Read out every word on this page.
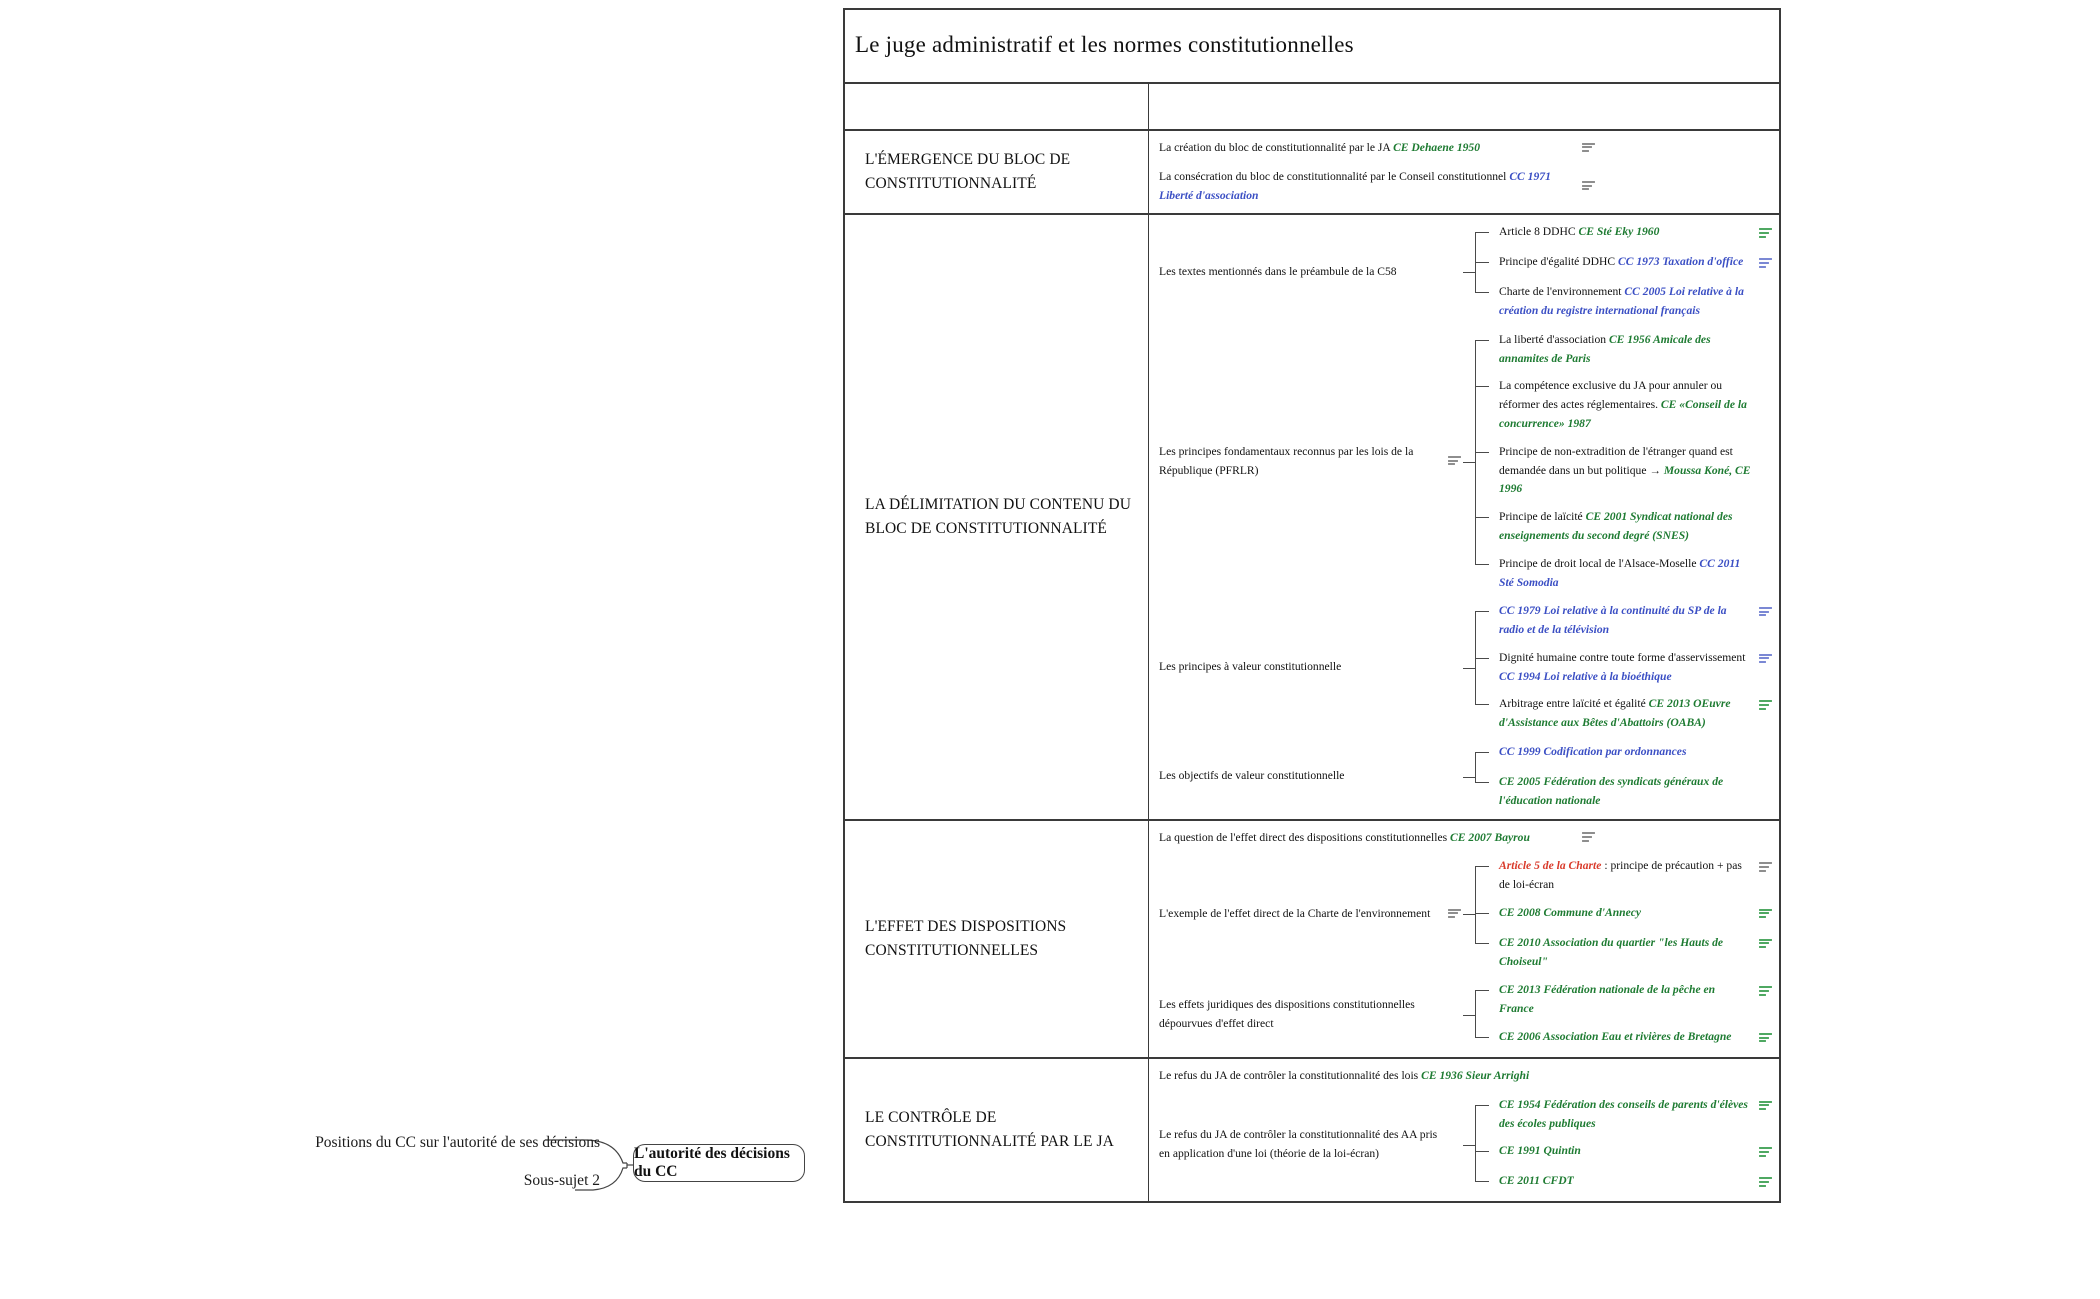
Positions du CC sur l'autorité de ses décisions
Sous-sujet 2
L'autorité des décisions du CC
Le juge administratif et les normes constitutionnelles
L'ÉMERGENCE DU BLOC DE CONSTITUTIONNALITÉ
La création du bloc de constitutionnalité par le JA CE Dehaene 1950
La consécration du bloc de constitutionnalité par le Conseil constitutionnel CC 1971 Liberté d'association
LA DÉLIMITATION DU CONTENU DU BLOC DE CONSTITUTIONNALITÉ
Les textes mentionnés dans le préambule de la C58
Article 8 DDHC CE Sté Eky 1960
Principe d'égalité DDHC CC 1973 Taxation d'office
Charte de l'environnement CC 2005 Loi relative à la création du registre international français
Les principes fondamentaux reconnus par les lois de la République (PFRLR)
La liberté d'association CE 1956 Amicale des annamites de Paris
La compétence exclusive du JA pour annuler ou réformer des actes réglementaires. CE «Conseil de la concurrence» 1987
Principe de non-extradition de l'étranger quand est demandée dans un but politique → Moussa Koné, CE 1996
Principe de laïcité CE 2001 Syndicat national des enseignements du second degré (SNES)
Principe de droit local de l'Alsace-Moselle CC 2011 Sté Somodia
Les principes à valeur constitutionnelle
CC 1979 Loi relative à la continuité du SP de la radio et de la télévision
Dignité humaine contre toute forme d'asservissement CC 1994 Loi relative à la bioéthique
Arbitrage entre laïcité et égalité CE 2013 OEuvre d'Assistance aux Bêtes d'Abattoirs (OABA)
Les objectifs de valeur constitutionnelle
CC 1999 Codification par ordonnances
CE 2005 Fédération des syndicats généraux de l'éducation nationale
L'EFFET DES DISPOSITIONS CONSTITUTIONNELLES
La question de l'effet direct des dispositions constitutionnelles CE 2007 Bayrou
L'exemple de l'effet direct de la Charte de l'environnement
Article 5 de la Charte : principe de précaution + pas de loi-écran
CE 2008 Commune d'Annecy
CE 2010 Association du quartier "les Hauts de Choiseul"
Les effets juridiques des dispositions constitutionnelles dépourvues d'effet direct
CE 2013 Fédération nationale de la pêche en France
CE 2006 Association Eau et rivières de Bretagne
LE CONTRÔLE DE CONSTITUTIONNALITÉ PAR LE JA
Le refus du JA de contrôler la constitutionnalité des lois CE 1936 Sieur Arrighi
Le refus du JA de contrôler la constitutionnalité des AA pris en application d'une loi (théorie de la loi-écran)
CE 1954 Fédération des conseils de parents d'élèves des écoles publiques
CE 1991 Quintin
CE 2011 CFDT
